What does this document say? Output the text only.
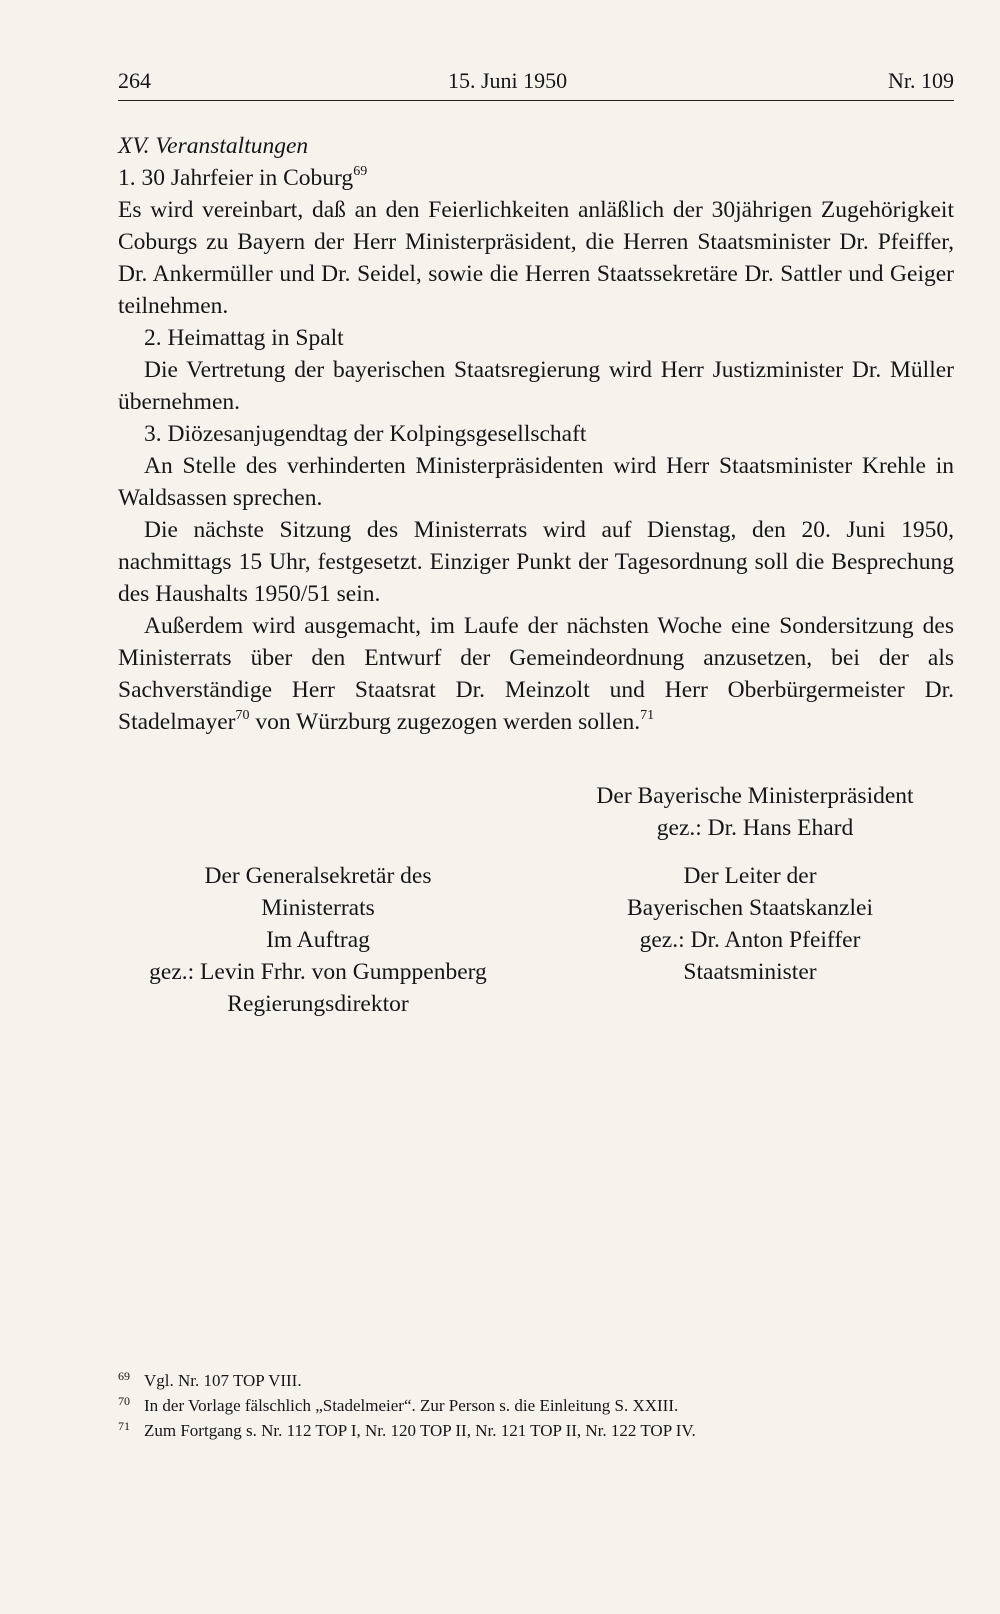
264	15. Juni 1950	Nr. 109

XV. Veranstaltungen

1. 30 Jahrfeier in Coburg$^{69}$

Es wird vereinbart, daß an den Feierlichkeiten anläßlich der 30jährigen Zugehörigkeit Coburgs zu Bayern der Herr Ministerpräsident, die Herren Staatsminister Dr. Pfeiffer, Dr. Ankermüller und Dr. Seidel, sowie die Herren Staatssekretäre Dr. Sattler und Geiger teilnehmen.

2. Heimattag in Spalt

Die Vertretung der bayerischen Staatsregierung wird Herr Justizminister Dr. Müller übernehmen.

3. Diözesanjugendtag der Kolpingsgesellschaft

An Stelle des verhinderten Ministerpräsidenten wird Herr Staatsminister Krehle in Waldsassen sprechen.

Die nächste Sitzung des Ministerrats wird auf Dienstag, den 20. Juni 1950, nachmittags 15 Uhr, festgesetzt. Einziger Punkt der Tagesordnung soll die Besprechung des Haushalts 1950/51 sein.

Außerdem wird ausgemacht, im Laufe der nächsten Woche eine Sondersitzung des Ministerrats über den Entwurf der Gemeindeordnung anzusetzen, bei der als Sachverständige Herr Staatsrat Dr. Meinzolt und Herr Oberbürgermeister Dr. Stadelmayer$^{70}$ von Würzburg zugezogen werden sollen.$^{71}$

Der Bayerische Ministerpräsident
gez.: Dr. Hans Ehard
Der Generalsekretär des
Ministerrats
Im Auftrag
gez.: Levin Frhr. von Gumppenberg
Regierungsdirektor
Der Leiter der
Bayerischen Staatskanzlei
gez.: Dr. Anton Pfeiffer
Staatsminister
69 Vgl. Nr. 107 TOP VIII.
70 In der Vorlage fälschlich „Stadelmeier“. Zur Person s. die Einleitung S. XXIII.
71 Zum Fortgang s. Nr. 112 TOP I, Nr. 120 TOP II, Nr. 121 TOP II, Nr. 122 TOP IV.
